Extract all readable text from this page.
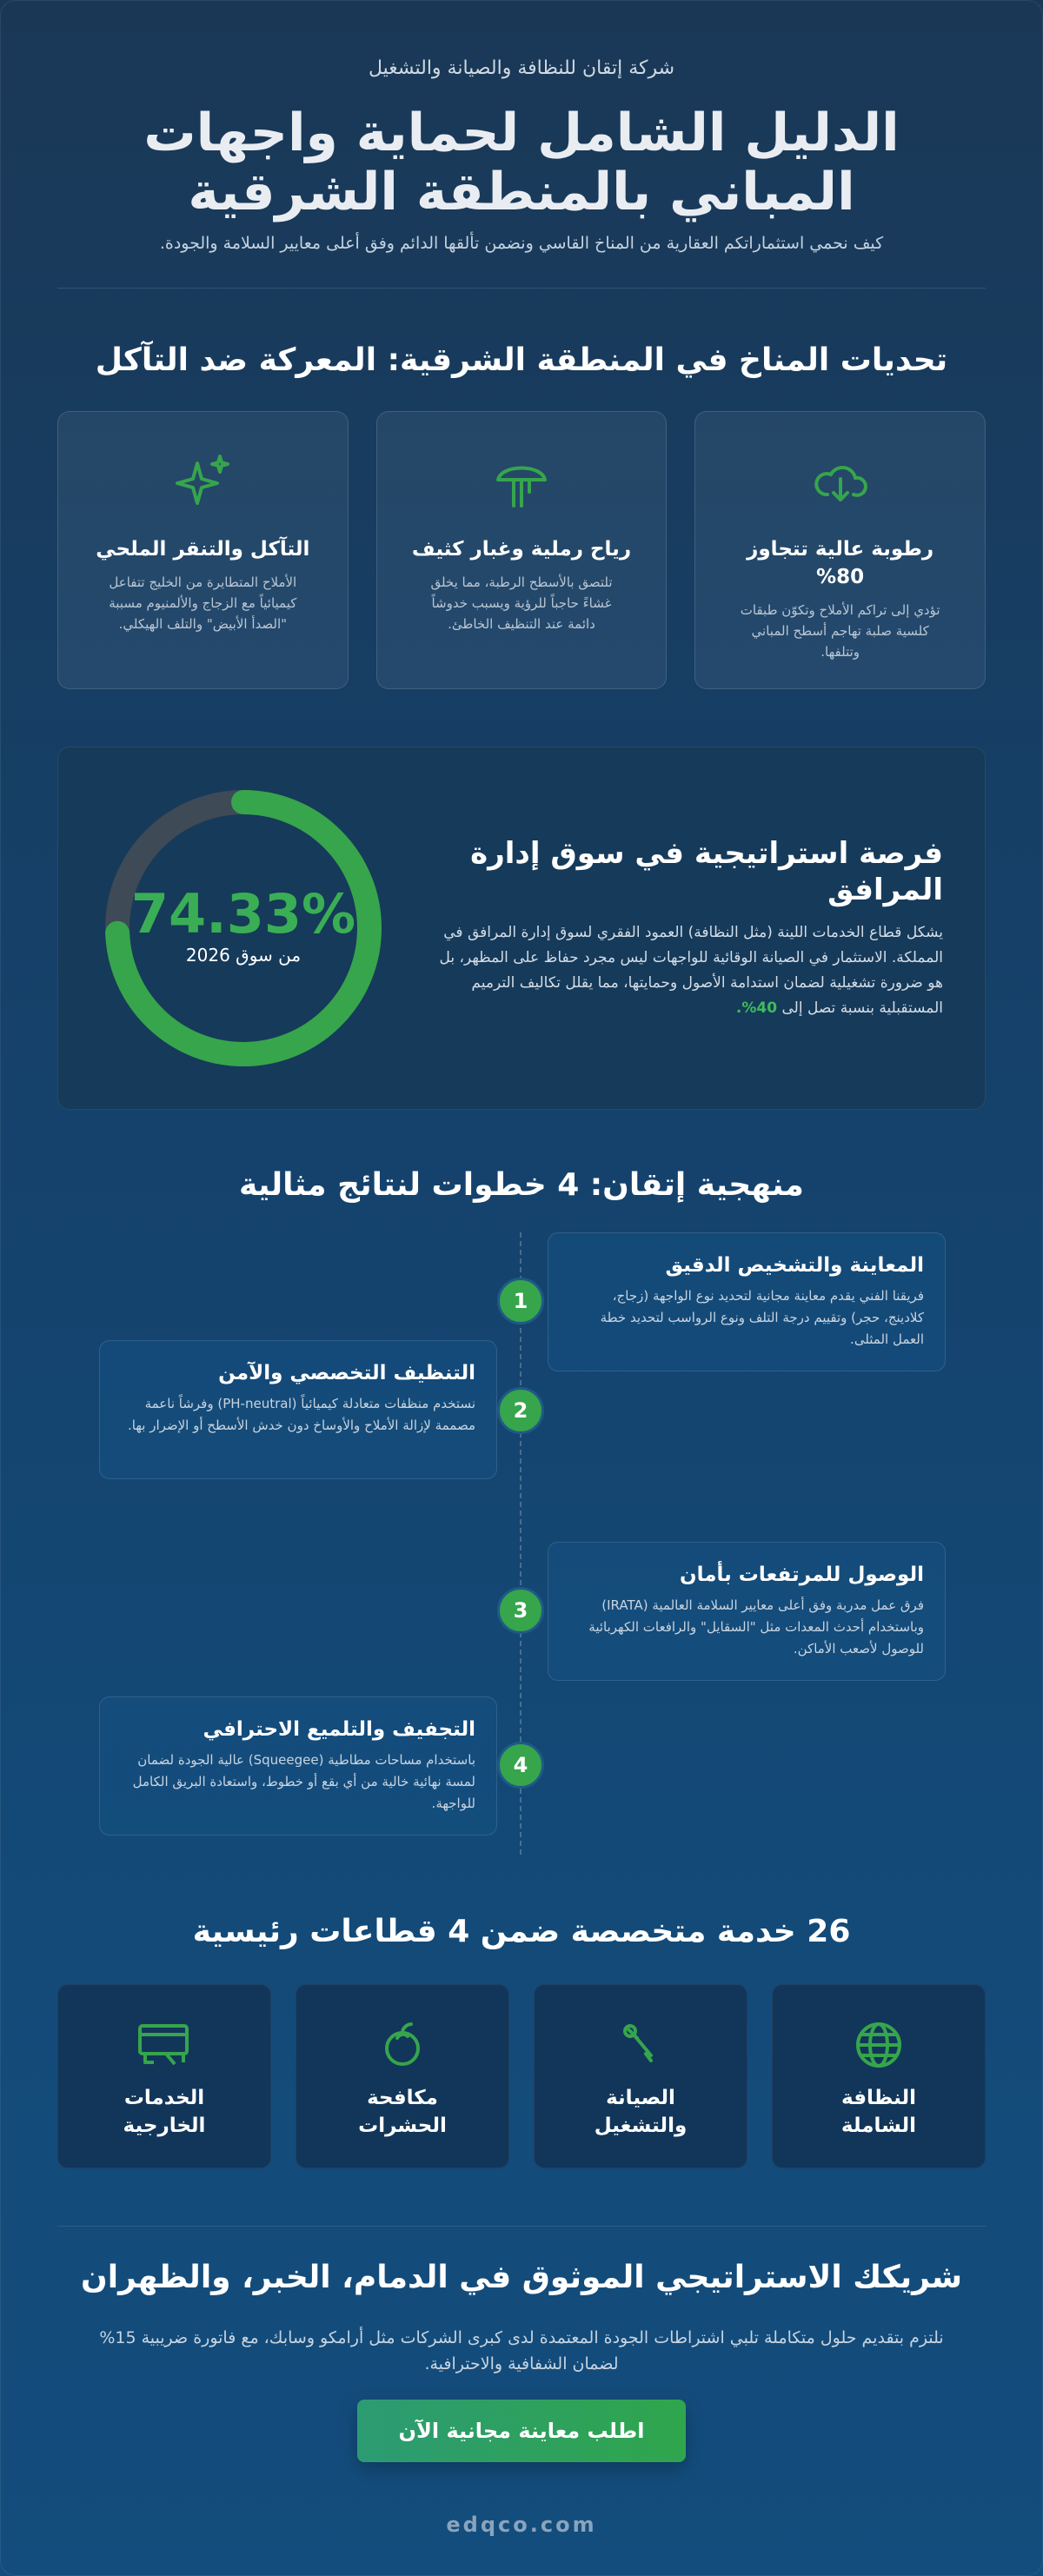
شركة إتقان للنظافة والصيانة والتشغيل
الدليل الشامل لحماية واجهات المباني بالمنطقة الشرقية
كيف نحمي استثماراتكم العقارية من المناخ القاسي ونضمن تألقها الدائم وفق أعلى معايير السلامة والجودة.
تحديات المناخ في المنطقة الشرقية: المعركة ضد التآكل
رطوبة عالية تتجاوز 80%

تؤدي إلى تراكم الأملاح وتكوّن طبقات كلسية صلبة تهاجم أسطح المباني وتتلفها.

رياح رملية وغبار كثيف

تلتصق بالأسطح الرطبة، مما يخلق غشاءً حاجباً للرؤية ويسبب خدوشاً دائمة عند التنظيف الخاطئ.

التآكل والتنقر الملحي

الأملاح المتطايرة من الخليج تتفاعل كيميائياً مع الزجاج والألمنيوم مسببة "الصدأ الأبيض" والتلف الهيكلي.

فرصة استراتيجية في سوق إدارة المرافق

يشكل قطاع الخدمات اللينة (مثل النظافة) العمود الفقري لسوق إدارة المرافق في المملكة. الاستثمار في الصيانة الوقائية للواجهات ليس مجرد حفاظ على المظهر، بل هو ضرورة تشغيلية لضمان استدامة الأصول وحمايتها، مما يقلل تكاليف الترميم المستقبلية بنسبة تصل إلى 40%.

74.33%
من سوق 2026
منهجية إتقان: 4 خطوات لنتائج مثالية
المعاينة والتشخيص الدقيق

فريقنا الفني يقدم معاينة مجانية لتحديد نوع الواجهة (زجاج، كلادينج، حجر) وتقييم درجة التلف ونوع الرواسب لتحديد خطة العمل المثلى.

1
التنظيف التخصصي والآمن

نستخدم منظفات متعادلة كيميائياً (PH-neutral) وفرشاً ناعمة مصممة لإزالة الأملاح والأوساخ دون خدش الأسطح أو الإضرار بها.

2
الوصول للمرتفعات بأمان

فرق عمل مدربة وفق أعلى معايير السلامة العالمية (IRATA) وباستخدام أحدث المعدات مثل "السقايل" والرافعات الكهربائية للوصول لأصعب الأماكن.

3
التجفيف والتلميع الاحترافي

باستخدام مساحات مطاطية (Squeegee) عالية الجودة لضمان لمسة نهائية خالية من أي بقع أو خطوط، واستعادة البريق الكامل للواجهة.

4
26 خدمة متخصصة ضمن 4 قطاعات رئيسية
النظافة الشاملة
الصيانة والتشغيل
مكافحة الحشرات
الخدمات الخارجية
شريكك الاستراتيجي الموثوق في الدمام، الخبر، والظهران

نلتزم بتقديم حلول متكاملة تلبي اشتراطات الجودة المعتمدة لدى كبرى الشركات مثل أرامكو وسابك، مع فاتورة ضريبية 15% لضمان الشفافية والاحترافية.

اطلب معاينة مجانية الآن
edqco.com
